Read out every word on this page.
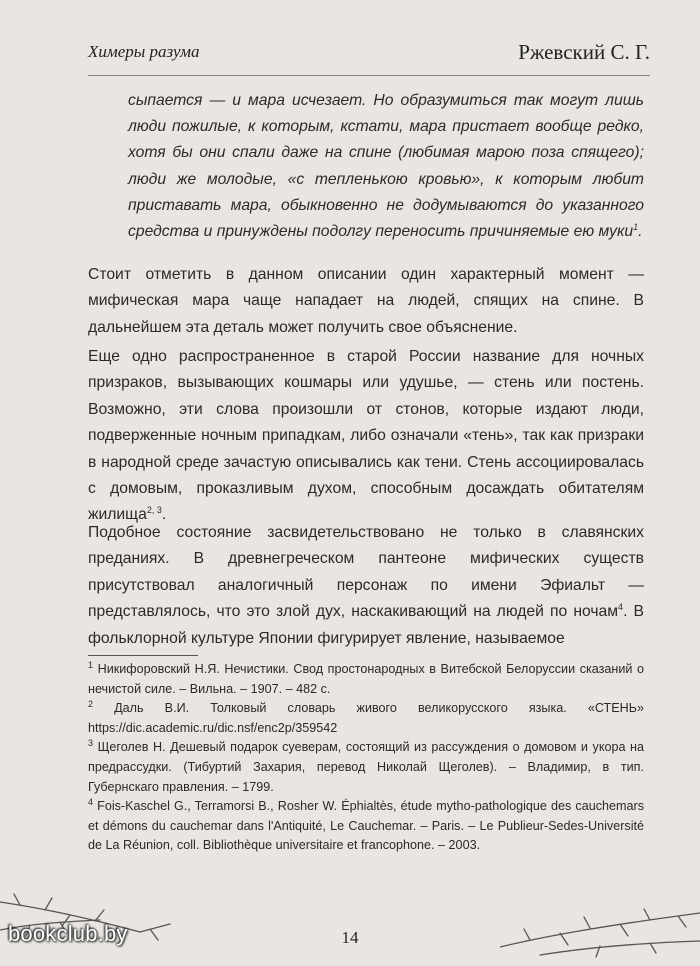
Химеры разума	Ржевский С. Г.

сыпается — и мара исчезает. Но образумиться так могут лишь люди пожилые, к которым, кстати, мара пристает вообще редко, хотя бы они спали даже на спине (любимая марою поза спящего); люди же молодые, «с тепленькою кровью», к которым любит приставать мара, обыкновенно не додумываются до указанного средства и принуждены подолгу переносить причиняемые ею муки$^1$.

Стоит отметить в данном описании один характерный момент — мифическая мара чаще нападает на людей, спящих на спине. В дальнейшем эта деталь может получить свое объяснение.

Еще одно распространенное в старой России название для ночных призраков, вызывающих кошмары или удушье, — стень или постень. Возможно, эти слова произошли от стонов, которые издают люди, подверженные ночным припадкам, либо означали «тень», так как призраки в народной среде зачастую описывались как тени. Стень ассоциировалась с домовым, проказливым духом, способным досаждать обитателям жилища$^{2, 3}$.

Подобное состояние засвидетельствовано не только в славянских преданиях. В древнегреческом пантеоне мифических существ присутствовал аналогичный персонаж по имени Эфиальт — представлялось, что это злой дух, наскакивающий на людей по ночам$^4$. В фольклорной культуре Японии фигурирует явление, называемое

$^1$ Никифоровский Н.Я. Нечистики. Свод простонародных в Витебской Белоруссии сказаний о нечистой силе. – Вильна. – 1907. – 482 с.

$^2$ Даль В.И. Толковый словарь живого великорусского языка. «СТЕНЬ» https://dic.academic.ru/dic.nsf/enc2p/359542

$^3$ Щеголев Н. Дешевый подарок суеверам, состоящий из рассуждения о домовом и укора на предрассудки. (Тибуртий Захария, перевод Николай Щеголев). – Владимир, в тип. Губернскаго правления. – 1799.

$^4$ Fois-Kaschel G., Terramorsi B., Rosher W. Éphialtès, étude mytho-pathologique des cauchemars et démons du cauchemar dans l'Antiquité, Le Cauchemar. – Paris. – Le Publieur-Sedes-Université de La Réunion, coll. Bibliothèque universitaire et francophone. – 2003.

14
bookclub.by
